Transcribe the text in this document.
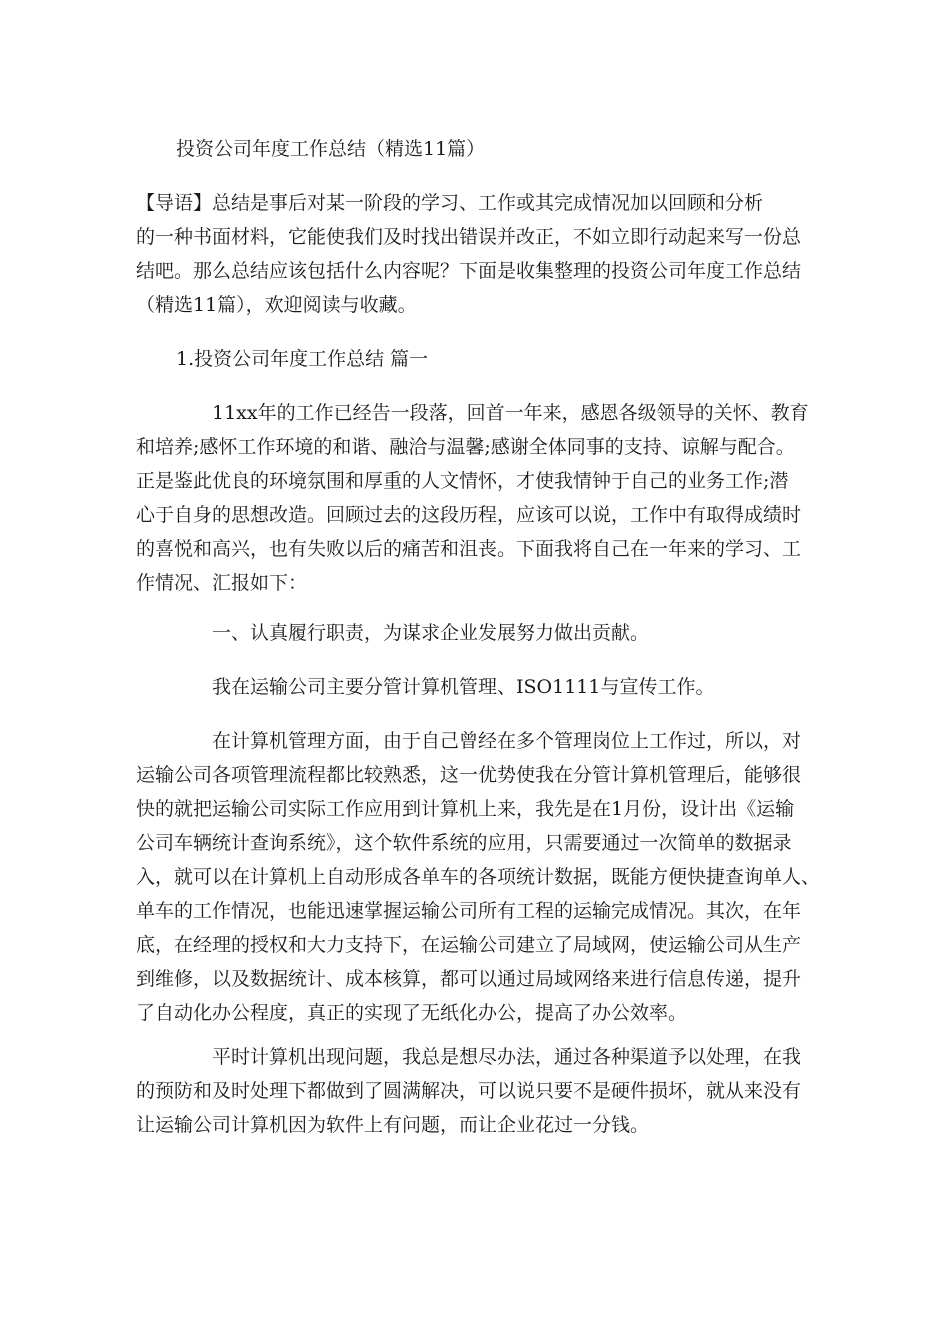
投资公司年度工作总结（精选11篇）
【导语】总结是事后对某一阶段的学习、工作或其完成情况加以回顾和分析
的一种书面材料，它能使我们及时找出错误并改正，不如立即行动起来写一份总
结吧。那么总结应该包括什么内容呢？下面是收集整理的投资公司年度工作总结
（精选11篇），欢迎阅读与收藏。
1.投资公司年度工作总结 篇一
11xx年的工作已经告一段落，回首一年来，感恩各级领导的关怀、教育
和培养;感怀工作环境的和谐、融洽与温馨;感谢全体同事的支持、谅解与配合。
正是鉴此优良的环境氛围和厚重的人文情怀，才使我情钟于自己的业务工作;潜
心于自身的思想改造。回顾过去的这段历程，应该可以说，工作中有取得成绩时
的喜悦和高兴，也有失败以后的痛苦和沮丧。下面我将自己在一年来的学习、工
作情况、汇报如下：
一、认真履行职责，为谋求企业发展努力做出贡献。
我在运输公司主要分管计算机管理、ISO1111与宣传工作。
在计算机管理方面，由于自己曾经在多个管理岗位上工作过，所以，对
运输公司各项管理流程都比较熟悉，这一优势使我在分管计算机管理后，能够很
快的就把运输公司实际工作应用到计算机上来，我先是在1月份，设计出《运输
公司车辆统计查询系统》，这个软件系统的应用，只需要通过一次简单的数据录
入，就可以在计算机上自动形成各单车的各项统计数据，既能方便快捷查询单人、
单车的工作情况，也能迅速掌握运输公司所有工程的运输完成情况。其次，在年
底，在经理的授权和大力支持下，在运输公司建立了局域网，使运输公司从生产
到维修，以及数据统计、成本核算，都可以通过局域网络来进行信息传递，提升
了自动化办公程度，真正的实现了无纸化办公，提高了办公效率。
平时计算机出现问题，我总是想尽办法，通过各种渠道予以处理，在我
的预防和及时处理下都做到了圆满解决，可以说只要不是硬件损坏，就从来没有
让运输公司计算机因为软件上有问题，而让企业花过一分钱。
